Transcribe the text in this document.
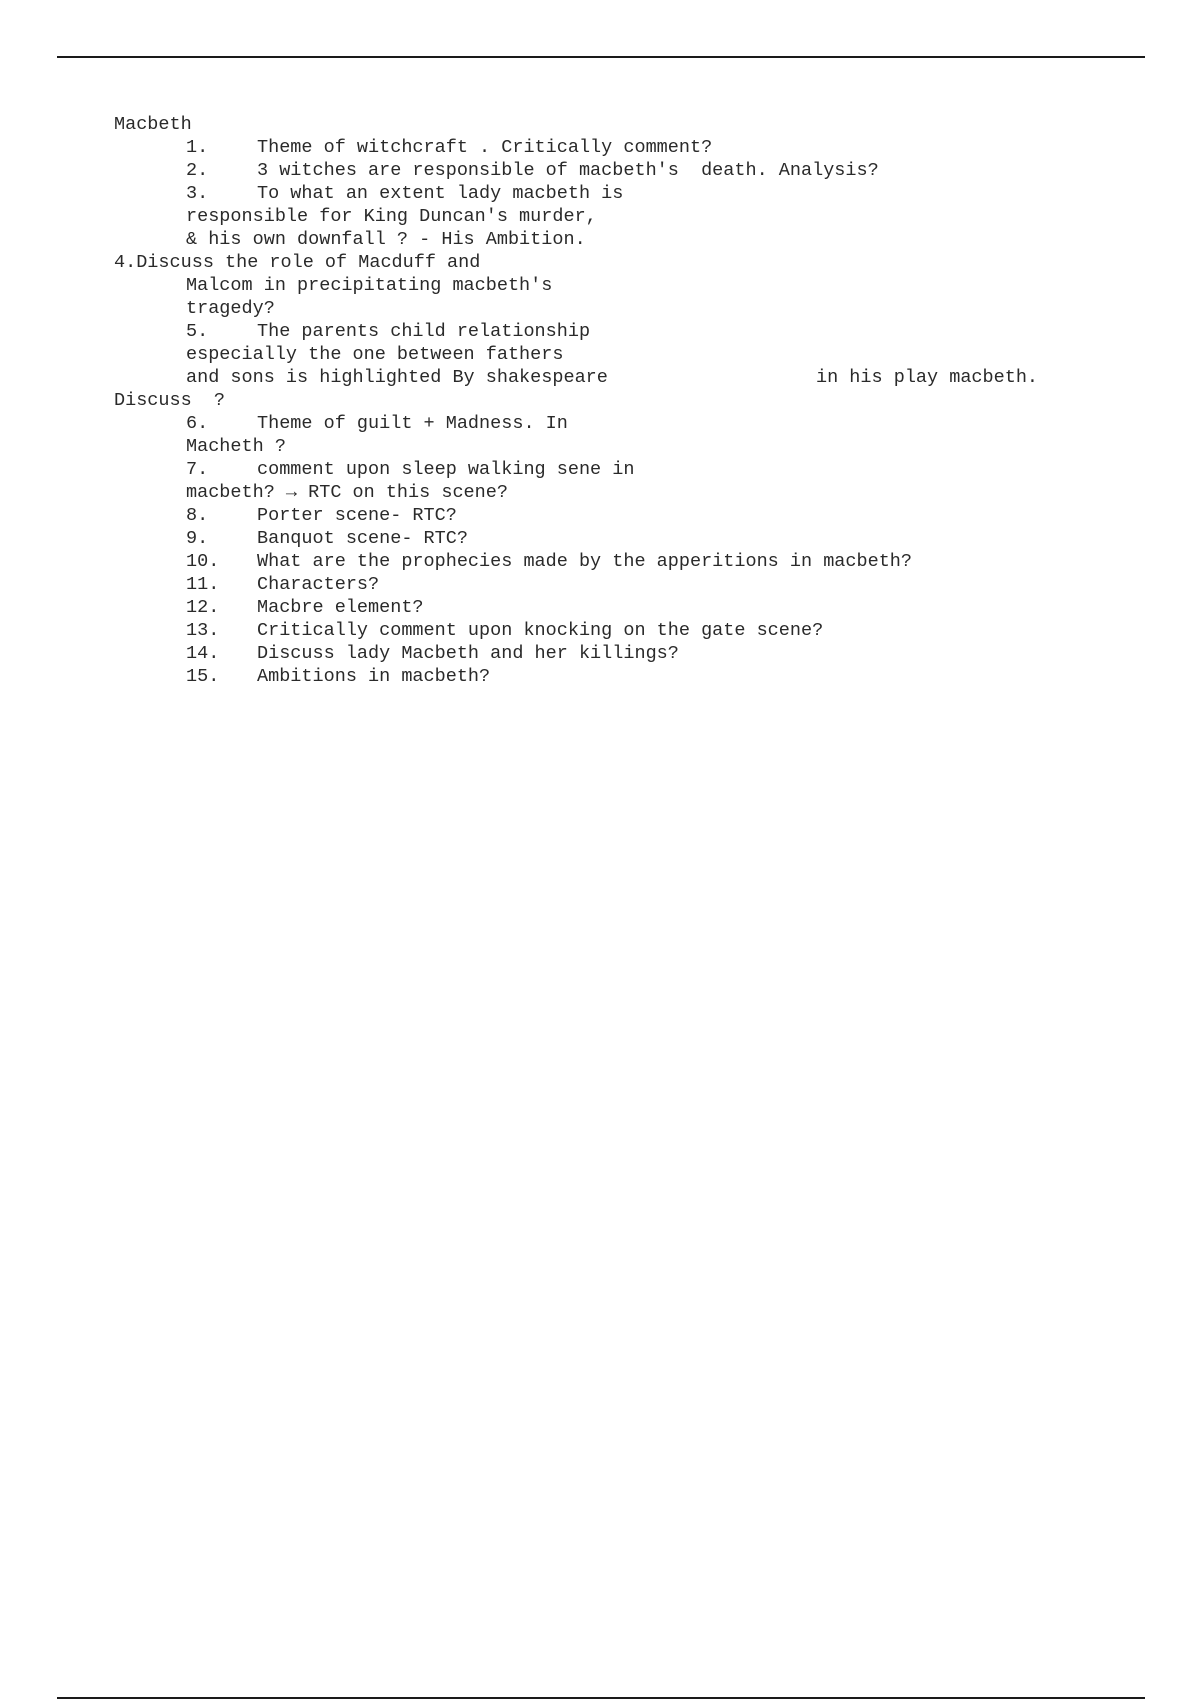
Macbeth
1.	Theme of witchcraft . Critically comment?
2.	3 witches are responsible of macbeth's  death. Analysis?
3.	To what an extent lady macbeth is
responsible for King Duncan's murder,
& his own downfall ? - His Ambition.
4.Discuss the role of Macduff and
Malcom in precipitating macbeth's
tragedy?
5.	The parents child relationship
especially the one between fathers
and sons is highlighted By shakespeare	in his play macbeth.
Discuss  ?
6.	Theme of guilt + Madness. In
Macheth ?
7.	comment upon sleep walking sene in
macbeth? → RTC on this scene?
8.	Porter scene- RTC?
9.	Banquot scene- RTC?
10. What are the prophecies made by the apperitions in macbeth?
11. Characters?
12. Macbre element?
13. Critically comment upon knocking on the gate scene?
14. Discuss lady Macbeth and her killings?
15. Ambitions in macbeth?
